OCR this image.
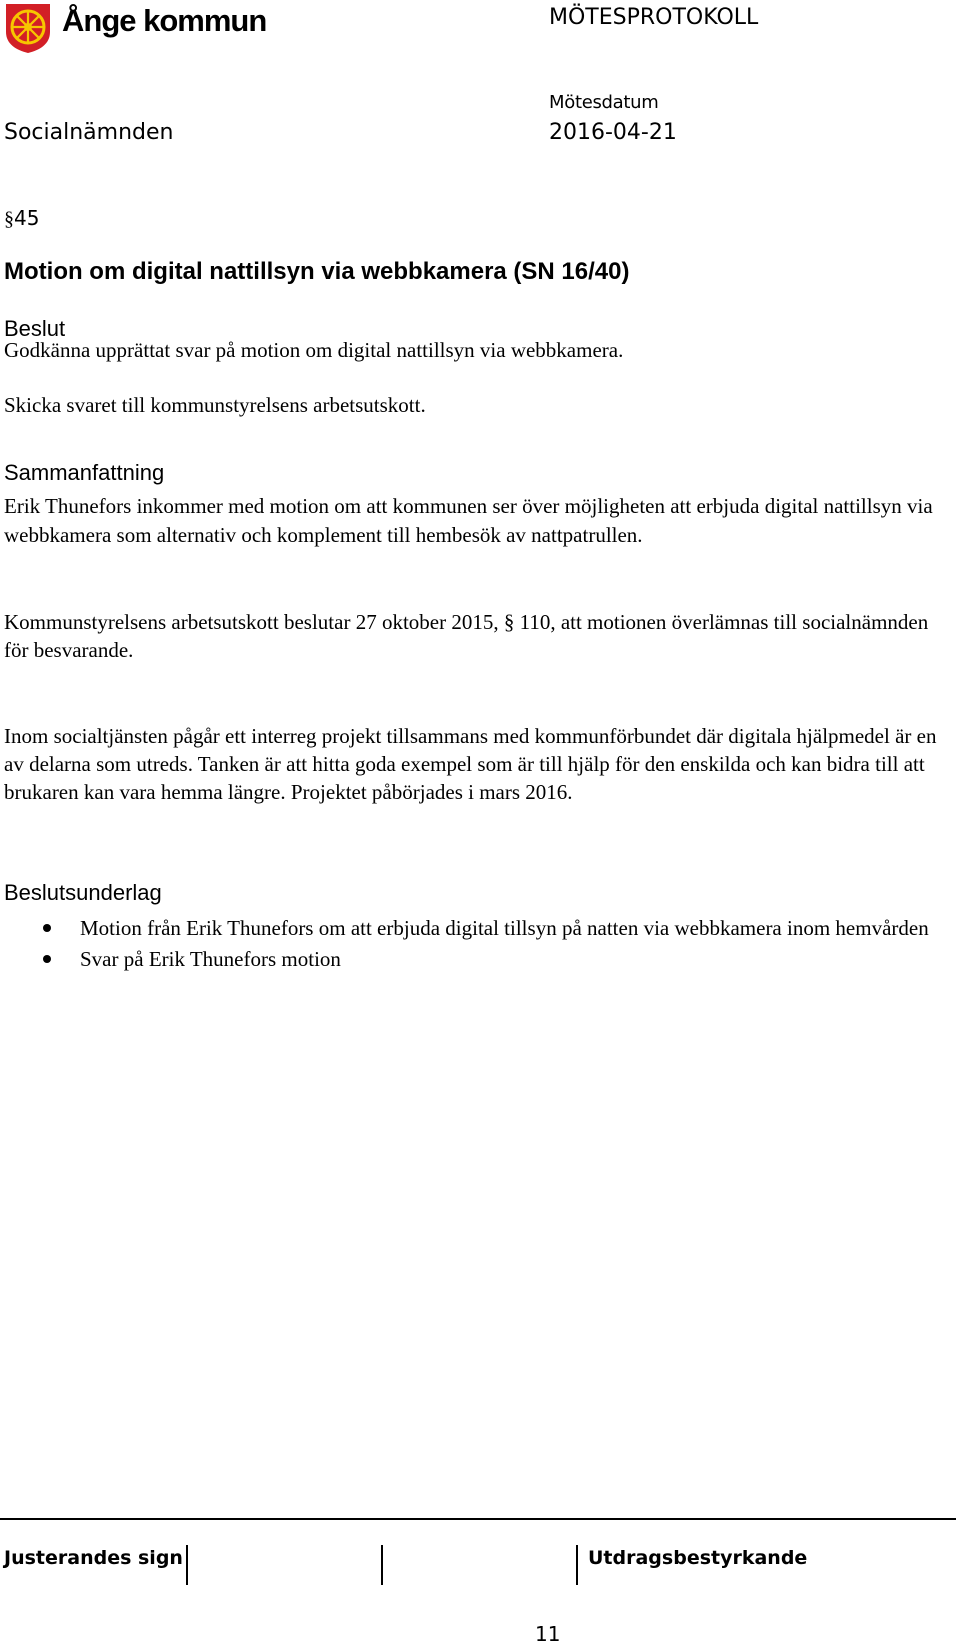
Ånge kommun	MÖTESPROTOKOLL
Mötesdatum
Socialnämnden	2016-04-21
§45
Motion om digital nattillsyn via webbkamera (SN 16/40)
Beslut
Godkänna upprättat svar på motion om digital nattillsyn via webbkamera.
Skicka svaret till kommunstyrelsens arbetsutskott.
Sammanfattning
Erik Thunefors inkommer med motion om att kommunen ser över möjligheten att erbjuda digital nattillsyn via webbkamera som alternativ och komplement till hembesök av nattpatrullen.
Kommunstyrelsens arbetsutskott beslutar 27 oktober 2015, § 110, att motionen överlämnas till socialnämnden för besvarande.
Inom socialtjänsten pågår ett interreg projekt tillsammans med kommunförbundet där digitala hjälpmedel är en av delarna som utreds. Tanken är att hitta goda exempel som är till hjälp för den enskilda och kan bidra till att brukaren kan vara hemma längre. Projektet påbörjades i mars 2016.
Beslutsunderlag
Motion från Erik Thunefors om att erbjuda digital tillsyn på natten via webbkamera inom hemvården
Svar på Erik Thunefors motion
Justerandes sign	Utdragsbestyrkande
11
